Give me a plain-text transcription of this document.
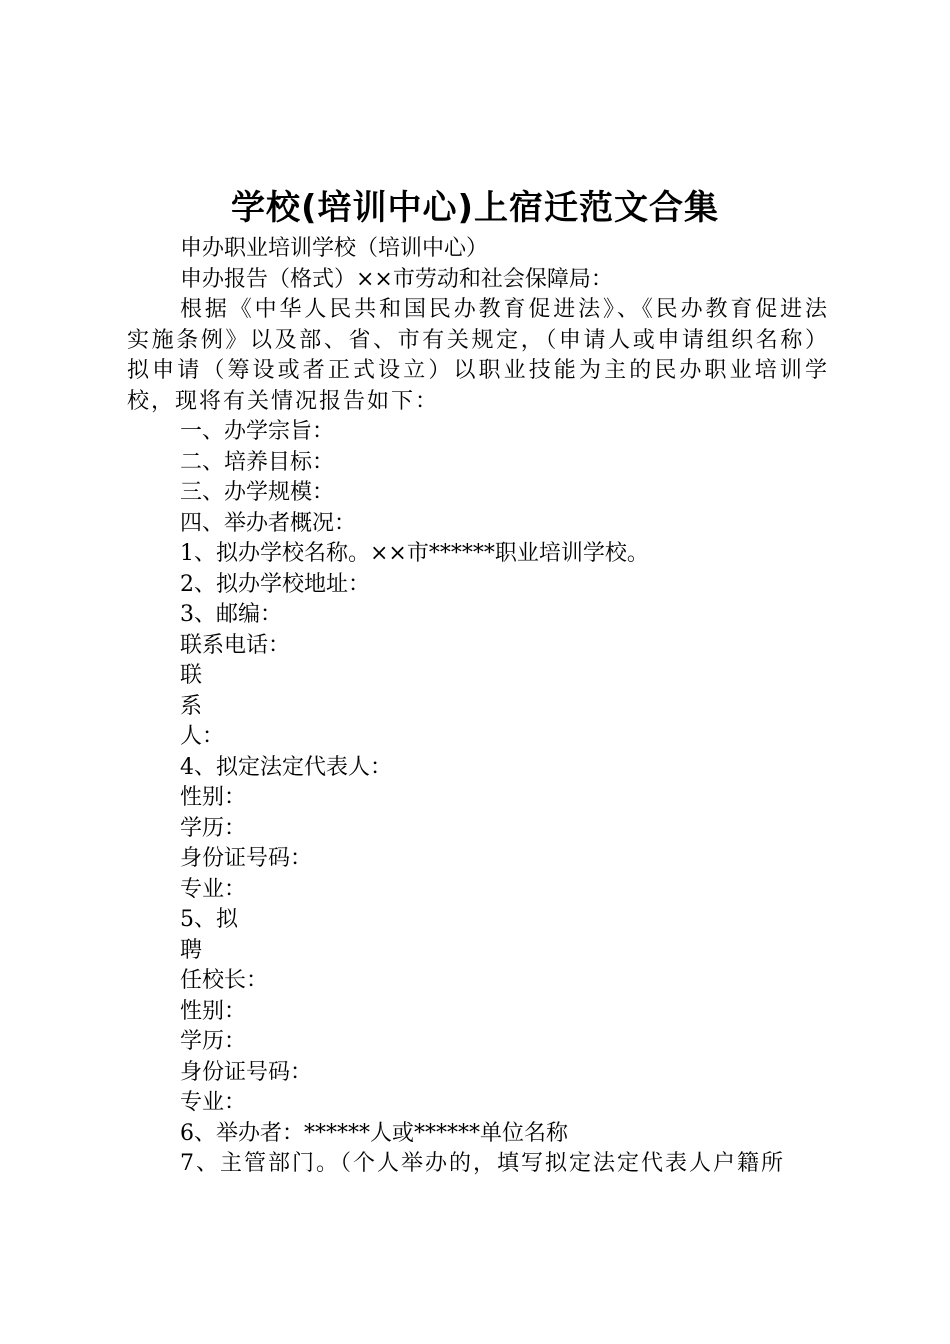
学校(培训中心)上宿迁范文合集

申办职业培训学校（培训中心）

申办报告（格式）××市劳动和社会保障局：

根据《中华人民共和国民办教育促进法》、《民办教育促进法实施条例》以及部、省、市有关规定，（申请人或申请组织名称）拟申请（筹设或者正式设立）以职业技能为主的民办职业培训学校，现将有关情况报告如下：

一、办学宗旨：

二、培养目标：

三、办学规模：

四、举办者概况：

1、拟办学校名称。××市******职业培训学校。

2、拟办学校地址：

3、邮编：

联系电话：

联

系

人：

4、拟定法定代表人：

性别：

学历：

身份证号码：

专业：

5、拟

聘

任校长：

性别：

学历：

身份证号码：

专业：

6、举办者：******人或******单位名称

7、主管部门。（个人举办的，填写拟定法定代表人户籍所
